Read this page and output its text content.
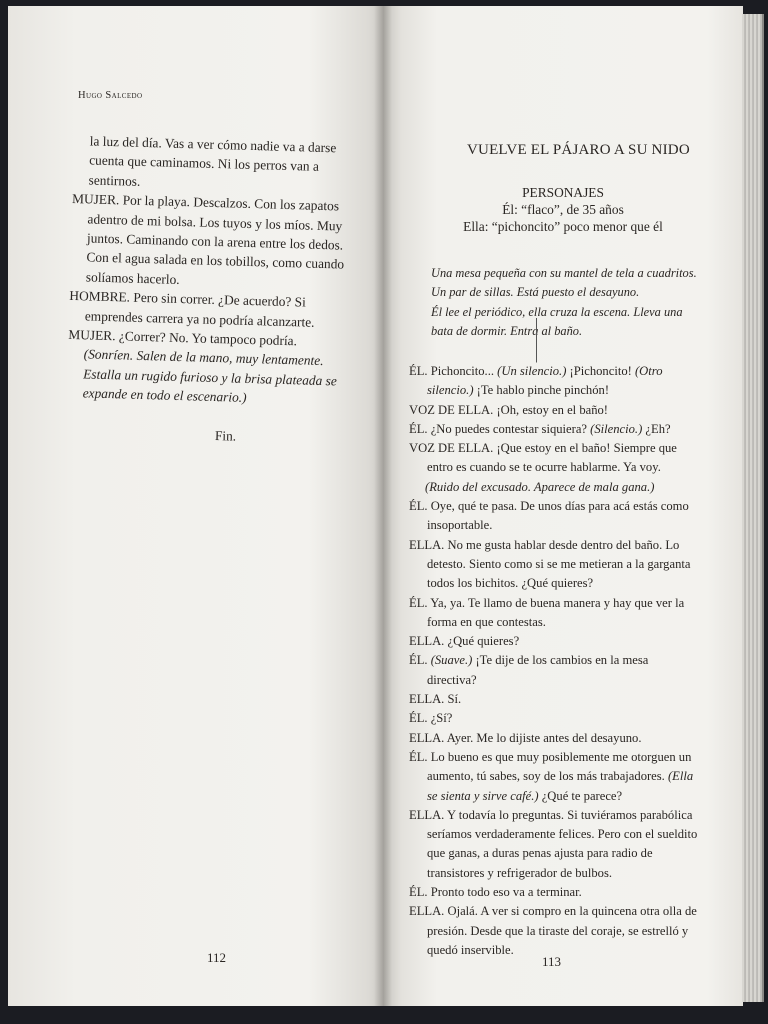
Hugo Salcedo

la luz del día. Vas a ver cómo nadie va a darse cuenta que caminamos. Ni los perros van a sentirnos.

MUJER. Por la playa. Descalzos. Con los zapatos adentro de mi bolsa. Los tuyos y los míos. Muy juntos. Caminando con la arena entre los dedos. Con el agua salada en los tobillos, como cuando solíamos hacerlo.

HOMBRE. Pero sin correr. ¿De acuerdo? Si emprendes carrera ya no podría alcanzarte.

MUJER. ¿Correr? No. Yo tampoco podría.

(Sonríen. Salen de la mano, muy lentamente. Estalla un rugido furioso y la brisa plateada se expande en todo el escenario.)

Fin.

112
VUELVE EL PÁJARO A SU NIDO
PERSONAJES
Él: “flaco”, de 35 años
Ella: “pichoncito” poco menor que él

Una mesa pequeña con su mantel de tela a cuadritos. Un par de sillas. Está puesto el desayuno.

Él lee el periódico, ella cruza la escena. Lleva una bata de dormir. Entra al baño.

ÉL. Pichoncito... (Un silencio.) ¡Pichoncito! (Otro silencio.) ¡Te hablo pinche pinchón!

VOZ DE ELLA. ¡Oh, estoy en el baño!

ÉL. ¿No puedes contestar siquiera? (Silencio.) ¿Eh?

VOZ DE ELLA. ¡Que estoy en el baño! Siempre que entro es cuando se te ocurre hablarme. Ya voy.

(Ruido del excusado. Aparece de mala gana.)

ÉL. Oye, qué te pasa. De unos días para acá estás como insoportable.

ELLA. No me gusta hablar desde dentro del baño. Lo detesto. Siento como si se me metieran a la garganta todos los bichitos. ¿Qué quieres?

ÉL. Ya, ya. Te llamo de buena manera y hay que ver la forma en que contestas.

ELLA. ¿Qué quieres?

ÉL. (Suave.) ¡Te dije de los cambios en la mesa directiva?

ELLA. Sí.

ÉL. ¿Sí?

ELLA. Ayer. Me lo dijiste antes del desayuno.

ÉL. Lo bueno es que muy posiblemente me otorguen un aumento, tú sabes, soy de los más trabajadores. (Ella se sienta y sirve café.) ¿Qué te parece?

ELLA. Y todavía lo preguntas. Si tuviéramos parabólica seríamos verdaderamente felices. Pero con el sueldito que ganas, a duras penas ajusta para radio de transistores y refrigerador de bulbos.

ÉL. Pronto todo eso va a terminar.

ELLA. Ojalá. A ver si compro en la quincena otra olla de presión. Desde que la tiraste del coraje, se estrelló y quedó inservible.

113
